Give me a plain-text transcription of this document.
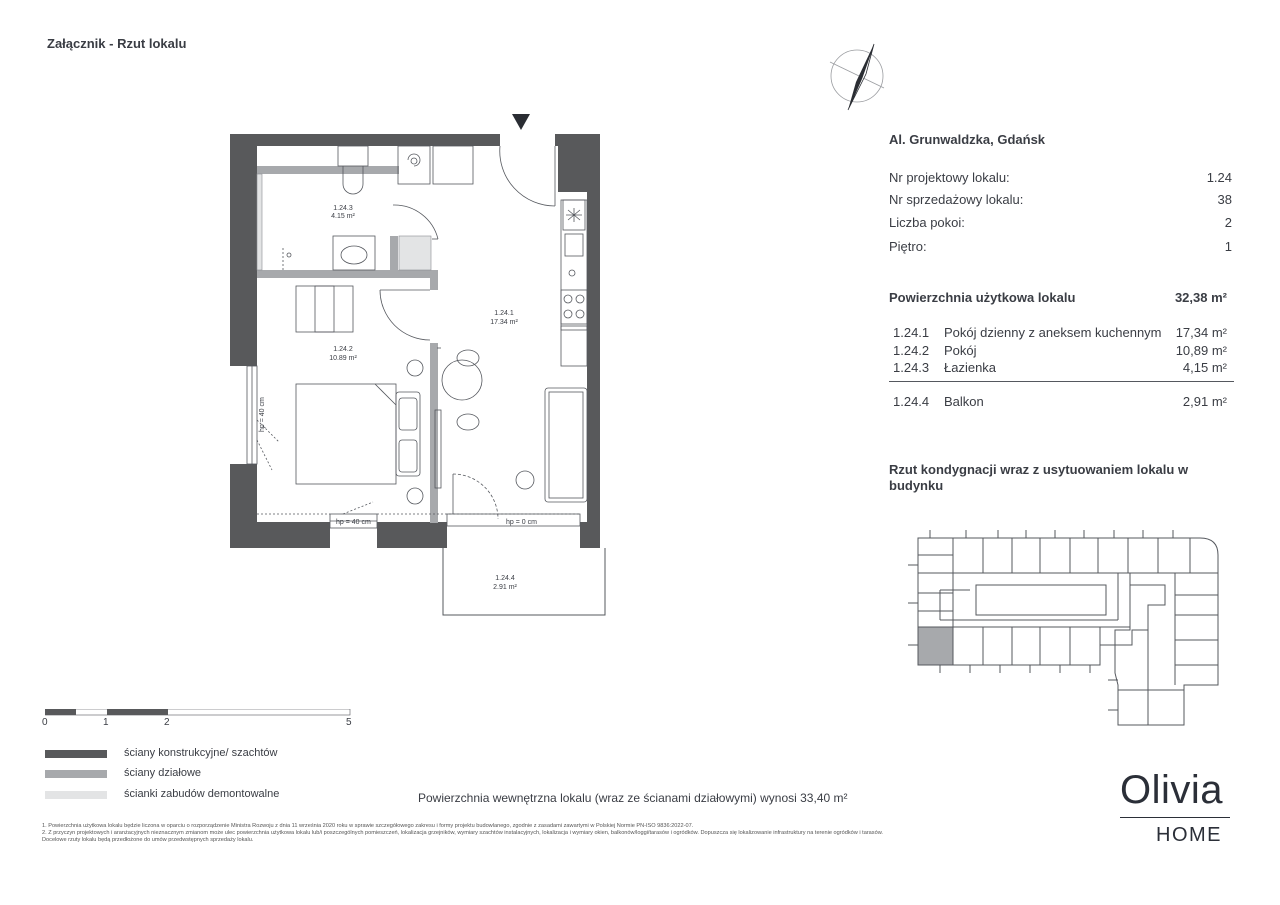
Załącznik - Rzut lokalu
1.24.3
4.15 m²
1.24.1
17.34 m²
1.24.2
10.89 m²
1.24.4
2.91 m²
hp = 40 cm
hp = 40 cm	hp = 0 cm
Al. Grunwaldzka, Gdańsk
Nr projektowy lokalu:	1.24
Nr sprzedażowy lokalu:	38
Liczba pokoi:	2
Piętro:	1
Powierzchnia użytkowa lokalu	32,38 m²
1.24.1 Pokój dzienny z aneksem kuchennym 17,34 m²
1.24.2 Pokój	10,89 m²
1.24.3 Łazienka	4,15 m²
1.24.4 Balkon	2,91 m²
Rzut kondygnacji wraz z usytuowaniem lokalu w budynku
0	1	2	5
ściany konstrukcyjne/ szachtów
ściany działowe
ścianki zabudów demontowalne	Powierzchnia wewnętrzna lokalu (wraz ze ścianami działowymi) wynosi 33,40 m²
1. Powierzchnia użytkowa lokalu będzie liczona w oparciu o rozporządzenie Ministra Rozwoju z dnia 11 września 2020 roku w sprawie szczegółowego zakresu i formy projektu budowlanego, zgodnie z zasadami zawartymi w Polskiej Normie PN-ISO 9836:2022-07.
2. Z przyczyn projektowych i aranżacyjnych nieznacznym zmianom może ulec powierzchnia użytkowa lokalu lub/i poszczególnych pomieszczeń, lokalizacja grzejników, wymiary szachtów instalacyjnych, lokalizacja i wymiary okien, balkonów/loggi/tarasów i ogródków. Dopuszcza się lokalizowanie infrastruktury na terenie ogródków i tarasów. Docelowe rzuty lokalu będą przedłożone do umów przedwstępnych sprzedaży lokalu.
Olivia
HOME
